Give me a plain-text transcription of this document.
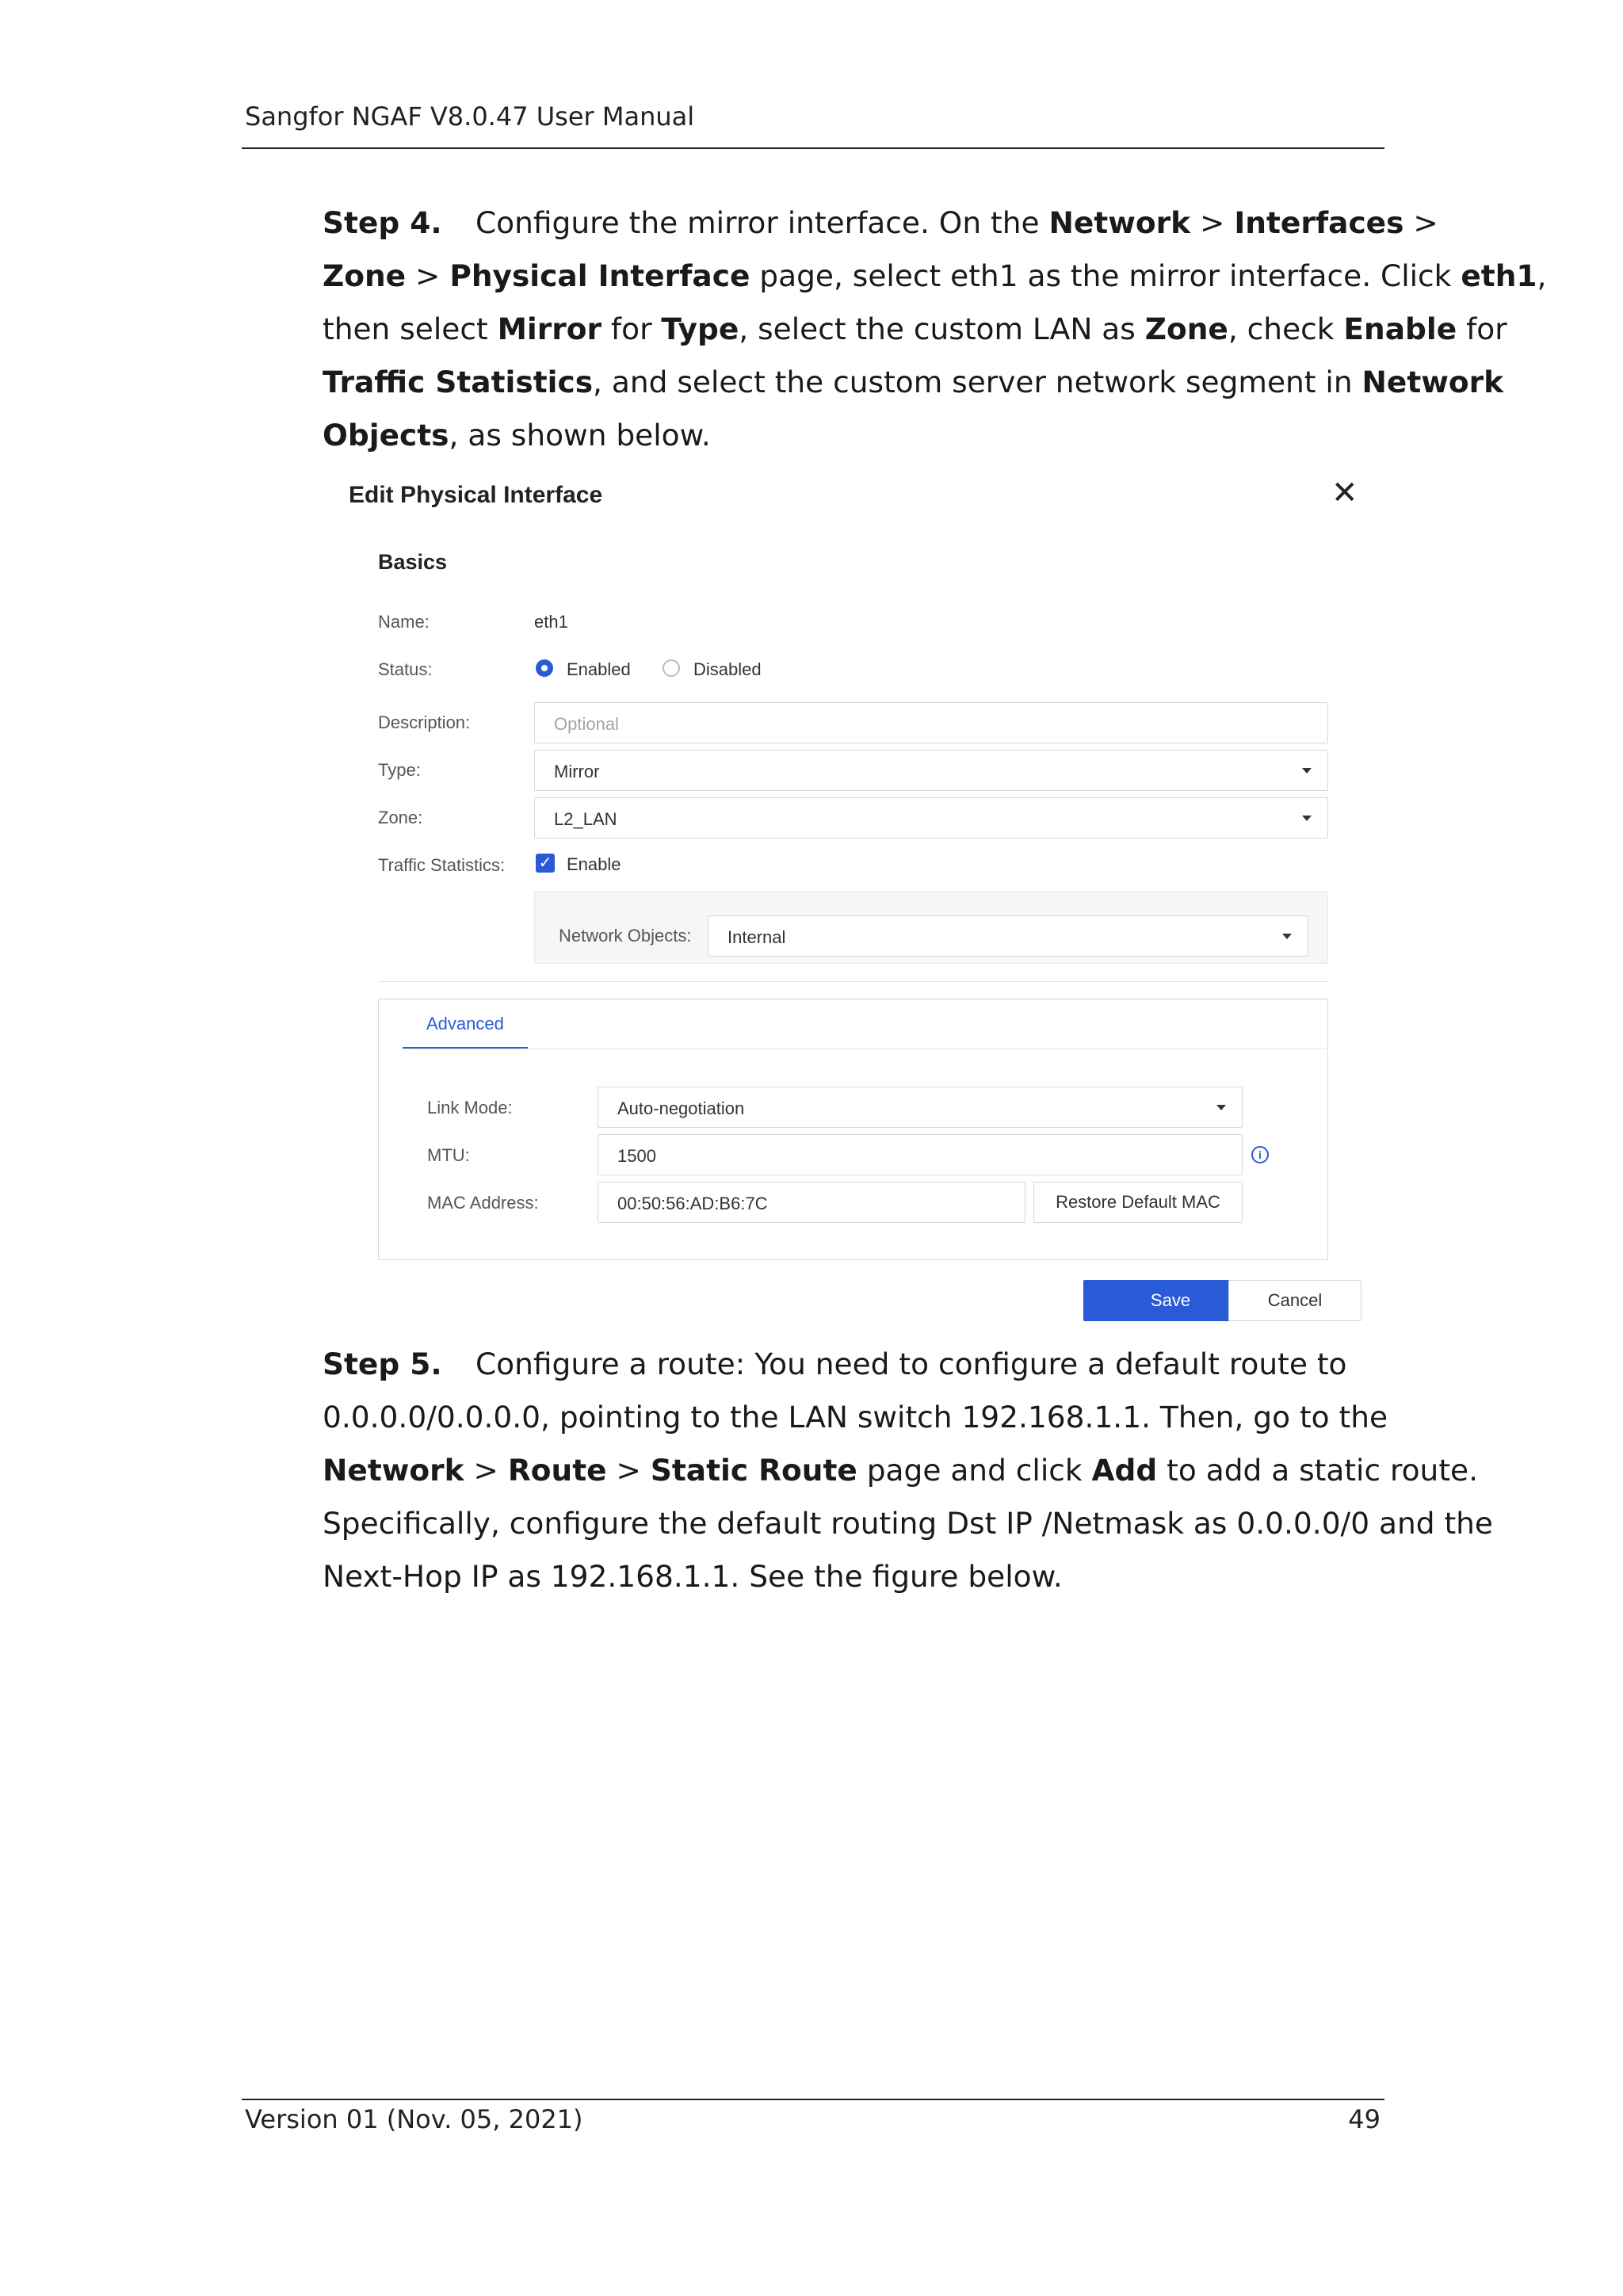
Sangfor NGAF V8.0.47 User Manual
Step 4. Configure the mirror interface. On the Network > Interfaces >
Zone > Physical Interface page, select eth1 as the mirror interface. Click eth1,
then select Mirror for Type, select the custom LAN as Zone, check Enable for
Traffic Statistics, and select the custom server network segment in Network
Objects, as shown below.
Edit Physical Interface	✕
Basics
Name:	eth1
Status:	Enabled	Disabled
Description:	Optional
Type:	Mirror
Zone:	L2_LAN
Traffic Statistics: ✓ Enable
Network Objects: Internal
Advanced
Link Mode:	Auto-negotiation
MTU:	1500	i
MAC Address:	00:50:56:AD:B6:7C	Restore Default MAC
Save	Cancel
Step 5. Configure a route: You need to configure a default route to
0.0.0.0/0.0.0.0, pointing to the LAN switch 192.168.1.1. Then, go to the
Network > Route > Static Route page and click Add to add a static route.
Specifically, configure the default routing Dst IP /Netmask as 0.0.0.0/0 and the
Next-Hop IP as 192.168.1.1. See the figure below.
Version 01 (Nov. 05, 2021)	49
